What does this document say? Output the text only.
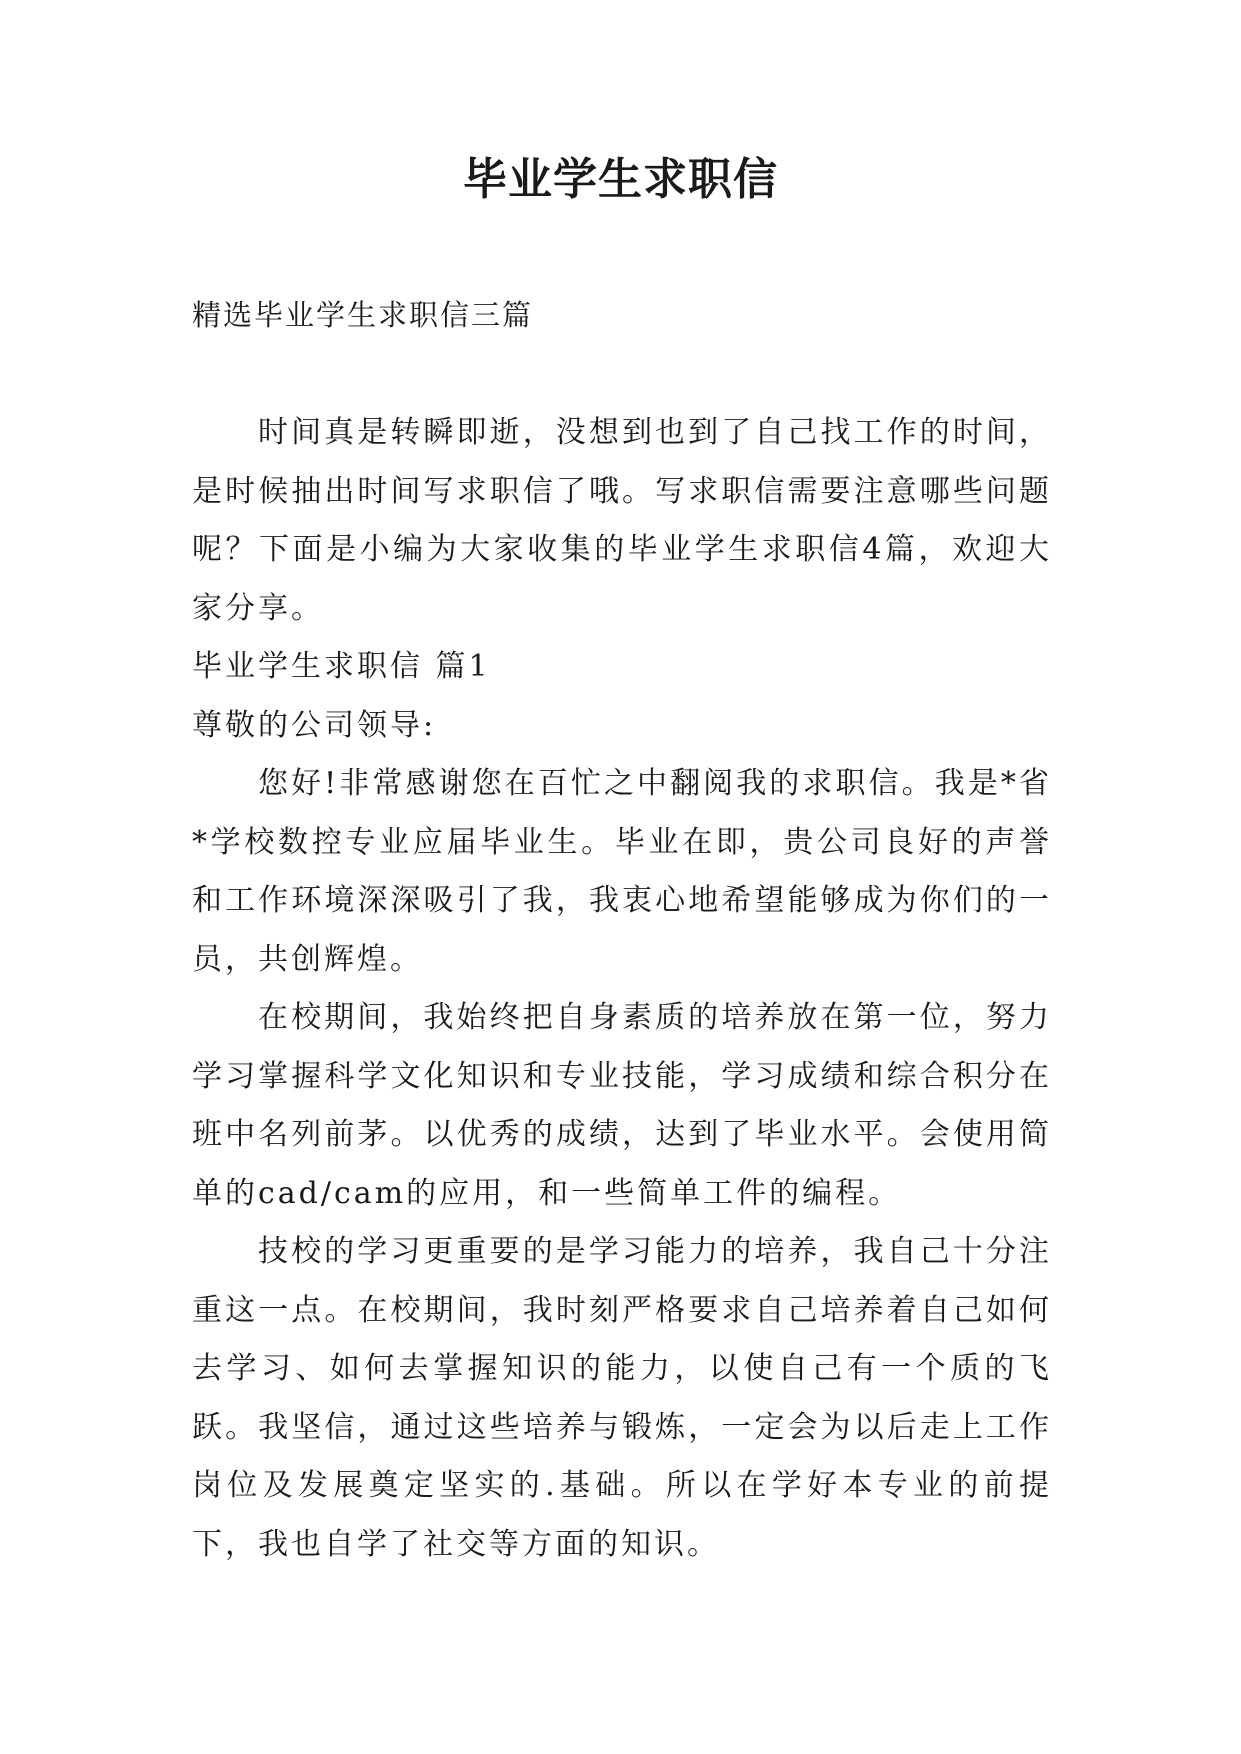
毕业学生求职信
精选毕业学生求职信三篇

时间真是转瞬即逝，没想到也到了自己找工作的时间，是时候抽出时间写求职信了哦。写求职信需要注意哪些问题呢？下面是小编为大家收集的毕业学生求职信4篇，欢迎大家分享。

毕业学生求职信 篇1

尊敬的公司领导:

您好!非常感谢您在百忙之中翻阅我的求职信。我是*省*学校数控专业应届毕业生。毕业在即，贵公司良好的声誉和工作环境深深吸引了我，我衷心地希望能够成为你们的一员，共创辉煌。

在校期间，我始终把自身素质的培养放在第一位，努力学习掌握科学文化知识和专业技能，学习成绩和综合积分在班中名列前茅。以优秀的成绩，达到了毕业水平。会使用简单的cad/cam的应用，和一些简单工件的编程。

技校的学习更重要的是学习能力的培养，我自己十分注重这一点。在校期间，我时刻严格要求自己培养着自己如何去学习、如何去掌握知识的能力，以使自己有一个质的飞跃。我坚信，通过这些培养与锻炼，一定会为以后走上工作岗位及发展奠定坚实的.基础。所以在学好本专业的前提下，我也自学了社交等方面的知识。
